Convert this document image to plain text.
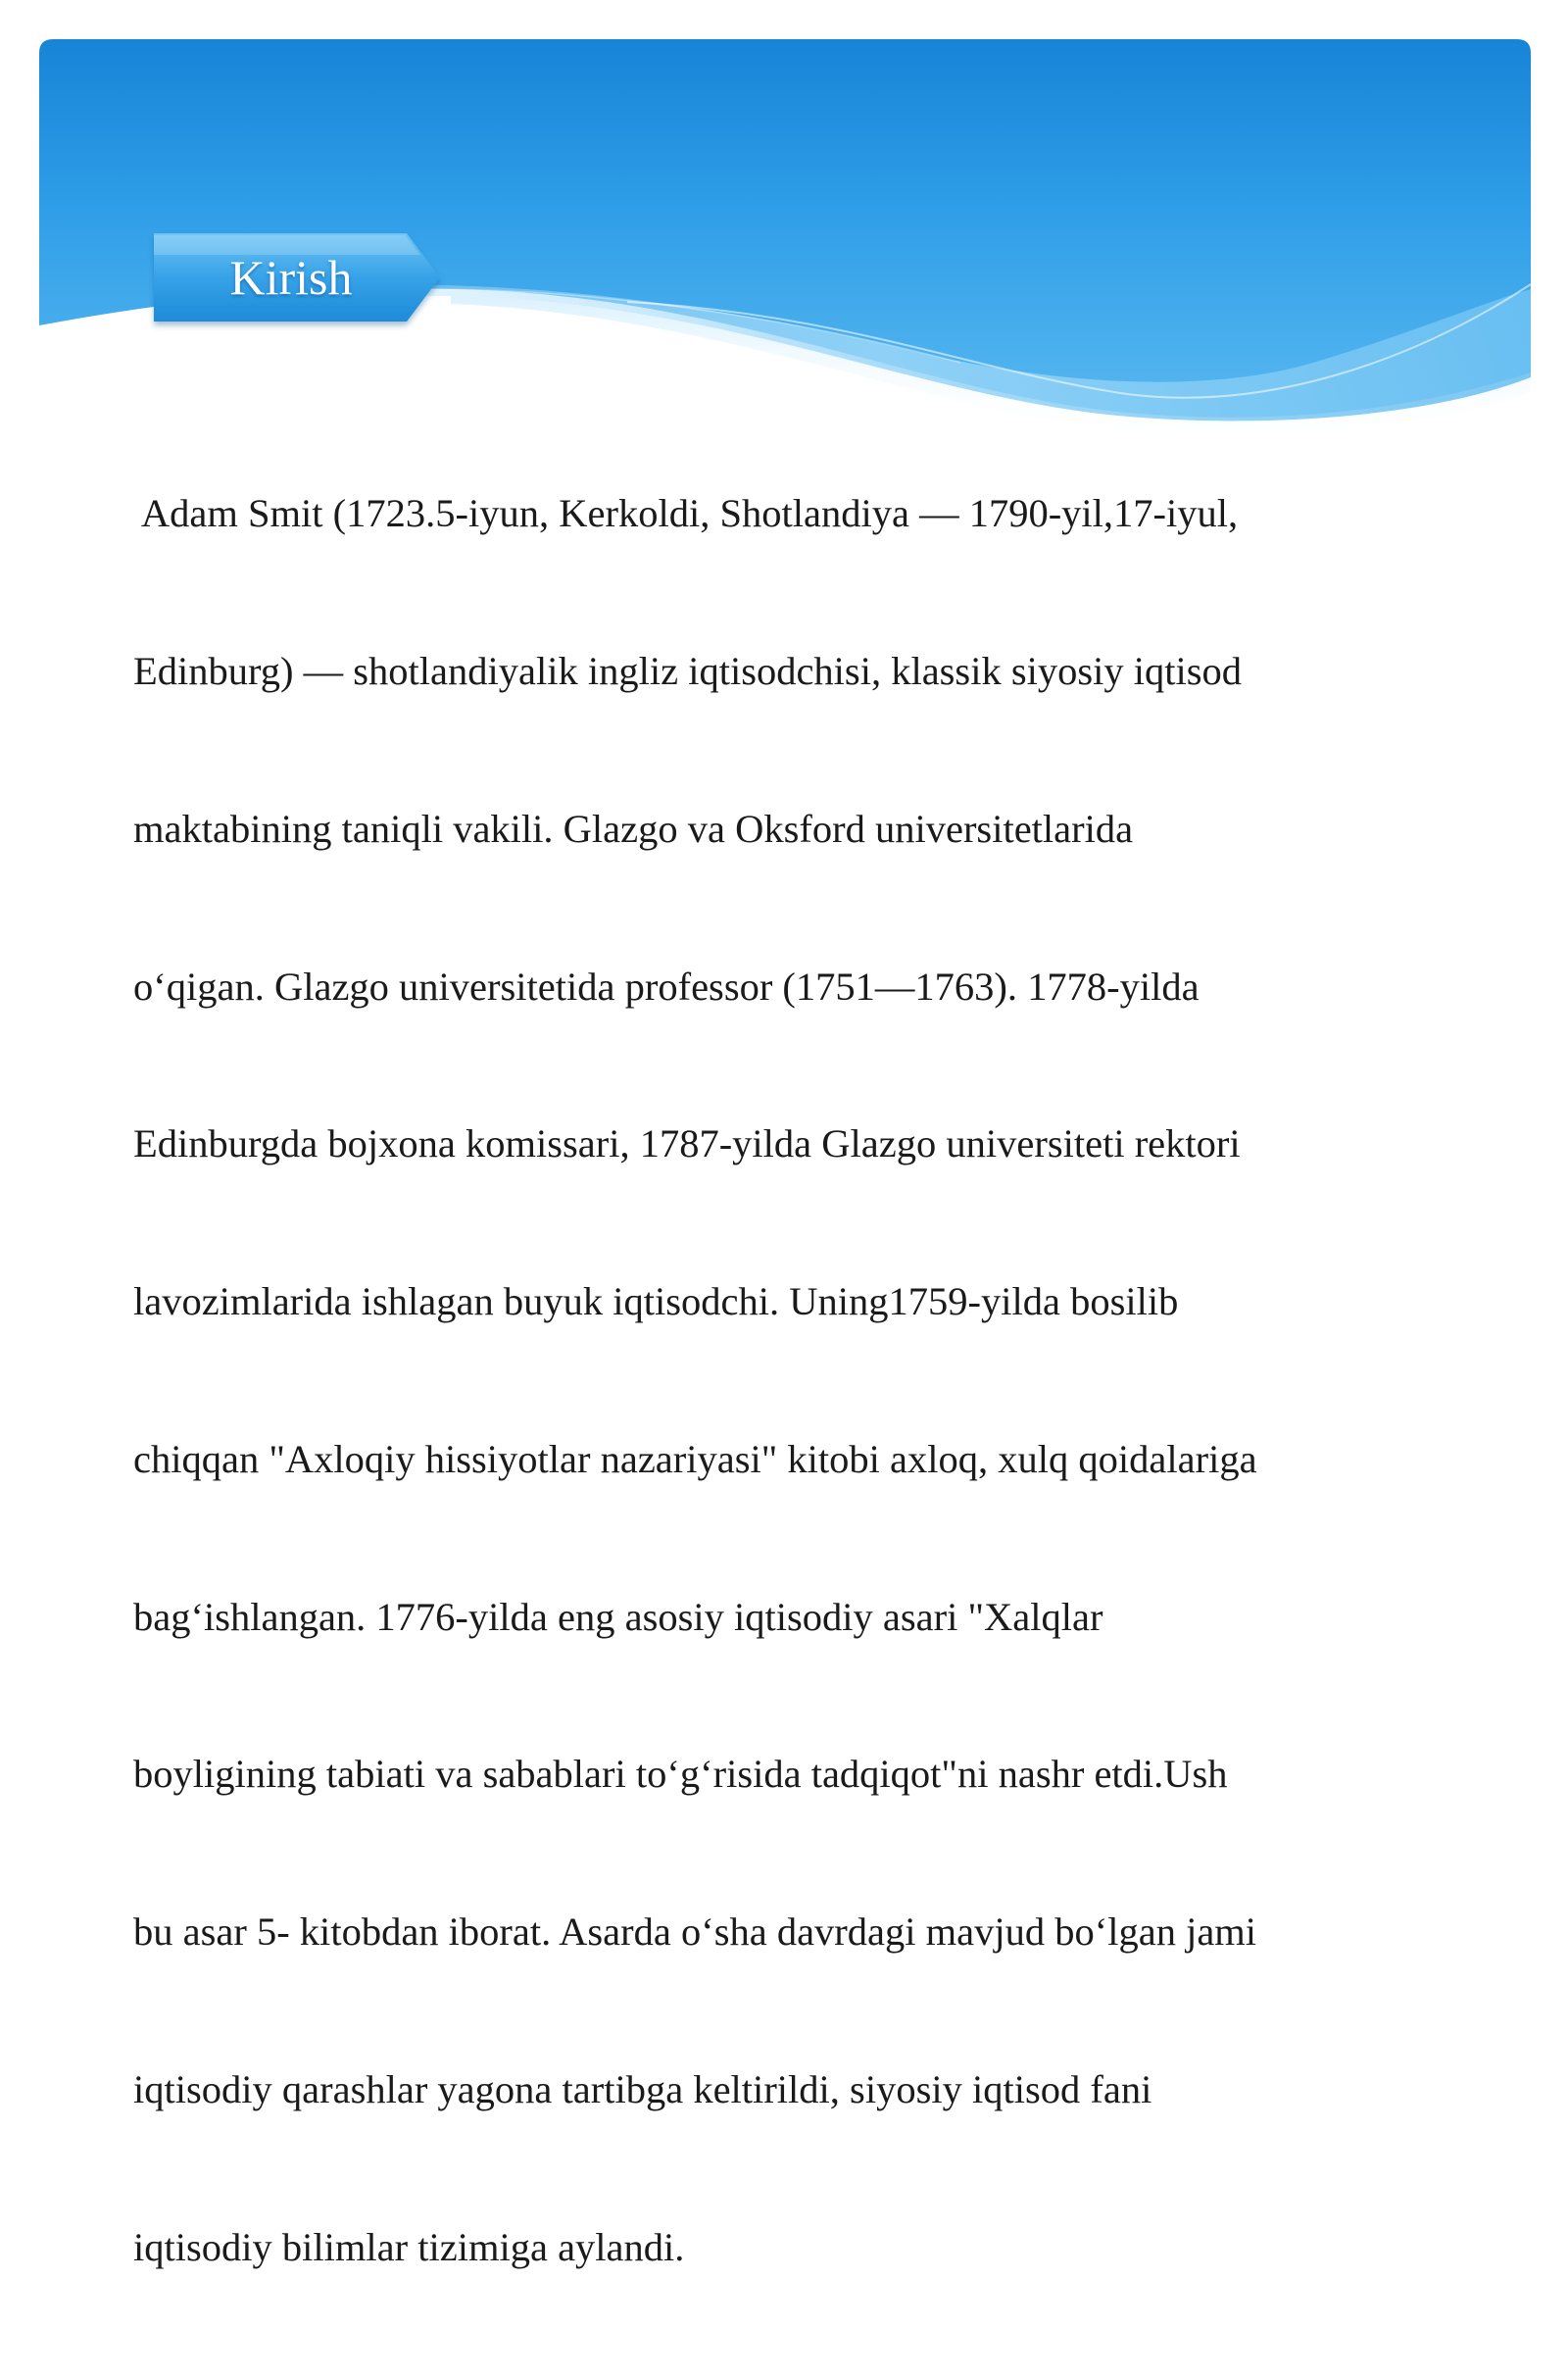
Kirish

Adam Smit (1723.5-iyun, Kerkoldi, Shotlandiya — 1790-yil,17-iyul,

Edinburg) — shotlandiyalik ingliz iqtisodchisi, klassik siyosiy iqtisod

maktabining taniqli vakili. Glazgo va Oksford universitetlarida

o‘qigan. Glazgo universitetida professor (1751—1763). 1778-yilda

Edinburgda bojxona komissari, 1787-yilda Glazgo universiteti rektori

lavozimlarida ishlagan buyuk iqtisodchi. Uning1759-yilda bosilib

chiqqan "Axloqiy hissiyotlar nazariyasi" kitobi axloq, xulq qoidalariga

bag‘ishlangan. 1776-yilda eng asosiy iqtisodiy asari "Xalqlar

boyligining tabiati va sabablari to‘g‘risida tadqiqot"ni nashr etdi.Ush

bu asar 5- kitobdan iborat. Asarda o‘sha davrdagi mavjud bo‘lgan jami

iqtisodiy qarashlar yagona tartibga keltirildi, siyosiy iqtisod fani

iqtisodiy bilimlar tizimiga aylandi.
